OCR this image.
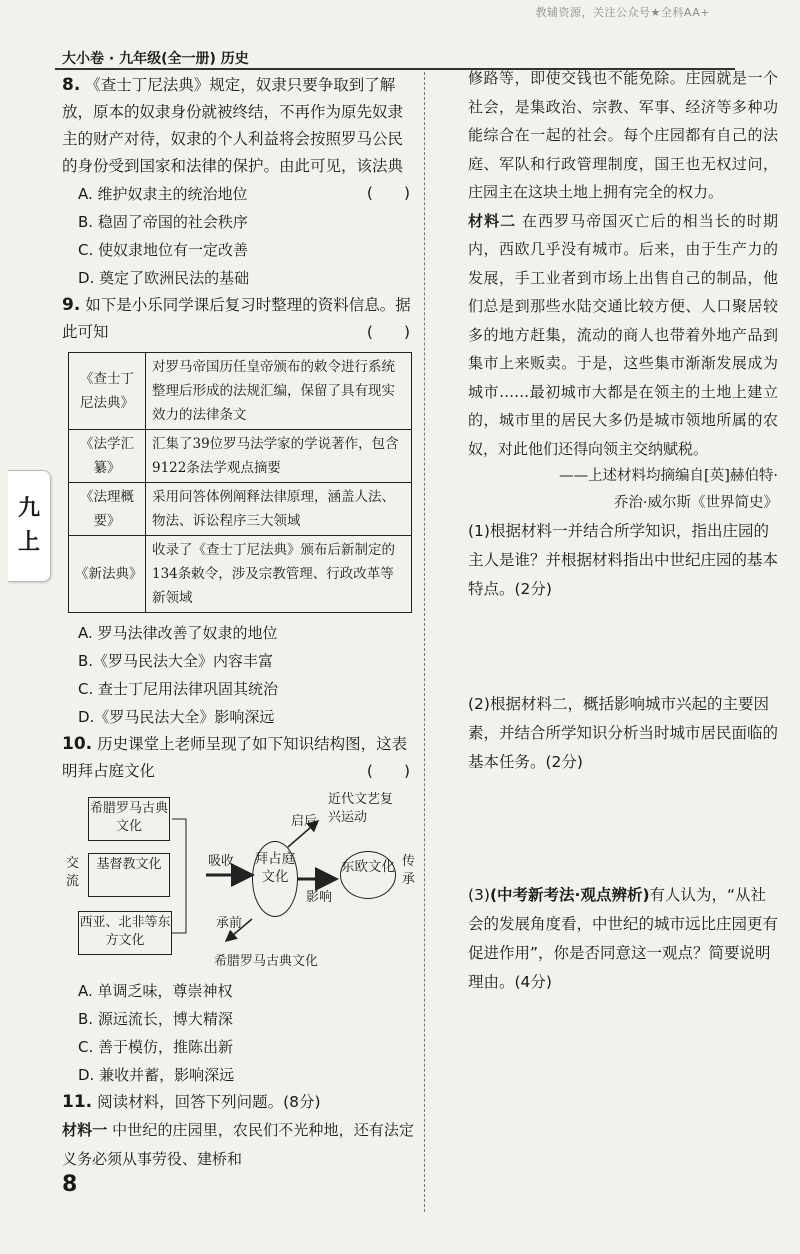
教辅资源，关注公众号★全科AA+
大小卷 · 九年级(全一册) 历史
九
上

8. 《查士丁尼法典》规定，奴隶只要争取到了解放，原本的奴隶身份就被终结，不再作为原先奴隶主的财产对待，奴隶的个人利益将会按照罗马公民的身份受到国家和法律的保护。由此可见，该法典
(　　)

A. 维护奴隶主的统治地位

B. 稳固了帝国的社会秩序

C. 使奴隶地位有一定改善

D. 奠定了欧洲民法的基础

9. 如下是小乐同学课后复习时整理的资料信息。据此可知	(　　)

《查士丁尼法典》	对罗马帝国历任皇帝颁布的敕令进行系统整理后形成的法规汇编，保留了具有现实效力的法律条文
《法学汇纂》	汇集了39位罗马法学家的学说著作，包含9122条法学观点摘要
《法理概要》	采用问答体例阐释法律原理，涵盖人法、物法、诉讼程序三大领域
《新法典》	收录了《查士丁尼法典》颁布后新制定的134条敕令，涉及宗教管理、行政改革等新领域

A. 罗马法律改善了奴隶的地位

B.《罗马民法大全》内容丰富

C. 查士丁尼用法律巩固其统治

D.《罗马民法大全》影响深远

10. 历史课堂上老师呈现了如下知识结构图，这表明拜占庭文化	(　　)

希腊罗马古典文化
基督教文化
西亚、北非等东方文化
交流
吸收 拜占庭文化
启后
近代文艺复兴运动
影响
东欧文化 传承
承前
希腊罗马古典文化

A. 单调乏味，尊崇神权

B. 源远流长，博大精深

C. 善于模仿，推陈出新

D. 兼收并蓄，影响深远

11. 阅读材料，回答下列问题。(8分)

材料一 中世纪的庄园里，农民们不光种地，还有法定义务必须从事劳役、建桥和

8

修路等，即使交钱也不能免除。庄园就是一个社会，是集政治、宗教、军事、经济等多种功能综合在一起的社会。每个庄园都有自己的法庭、军队和行政管理制度，国王也无权过问，庄园主在这块土地上拥有完全的权力。

材料二 在西罗马帝国灭亡后的相当长的时期内，西欧几乎没有城市。后来，由于生产力的发展，手工业者到市场上出售自己的制品，他们总是到那些水陆交通比较方便、人口聚居较多的地方赶集，流动的商人也带着外地产品到集市上来贩卖。于是，这些集市渐渐发展成为城市……最初城市大都是在领主的土地上建立的，城市里的居民大多仍是城市领地所属的农奴，对此他们还得向领主交纳赋税。

——上述材料均摘编自[英]赫伯特·

乔治·威尔斯《世界简史》

(1)根据材料一并结合所学知识，指出庄园的主人是谁？并根据材料指出中世纪庄园的基本特点。(2分)

(2)根据材料二，概括影响城市兴起的主要因素，并结合所学知识分析当时城市居民面临的基本任务。(2分)

(3)(中考新考法·观点辨析)有人认为，“从社会的发展角度看，中世纪的城市远比庄园更有促进作用”，你是否同意这一观点？简要说明理由。(4分)
